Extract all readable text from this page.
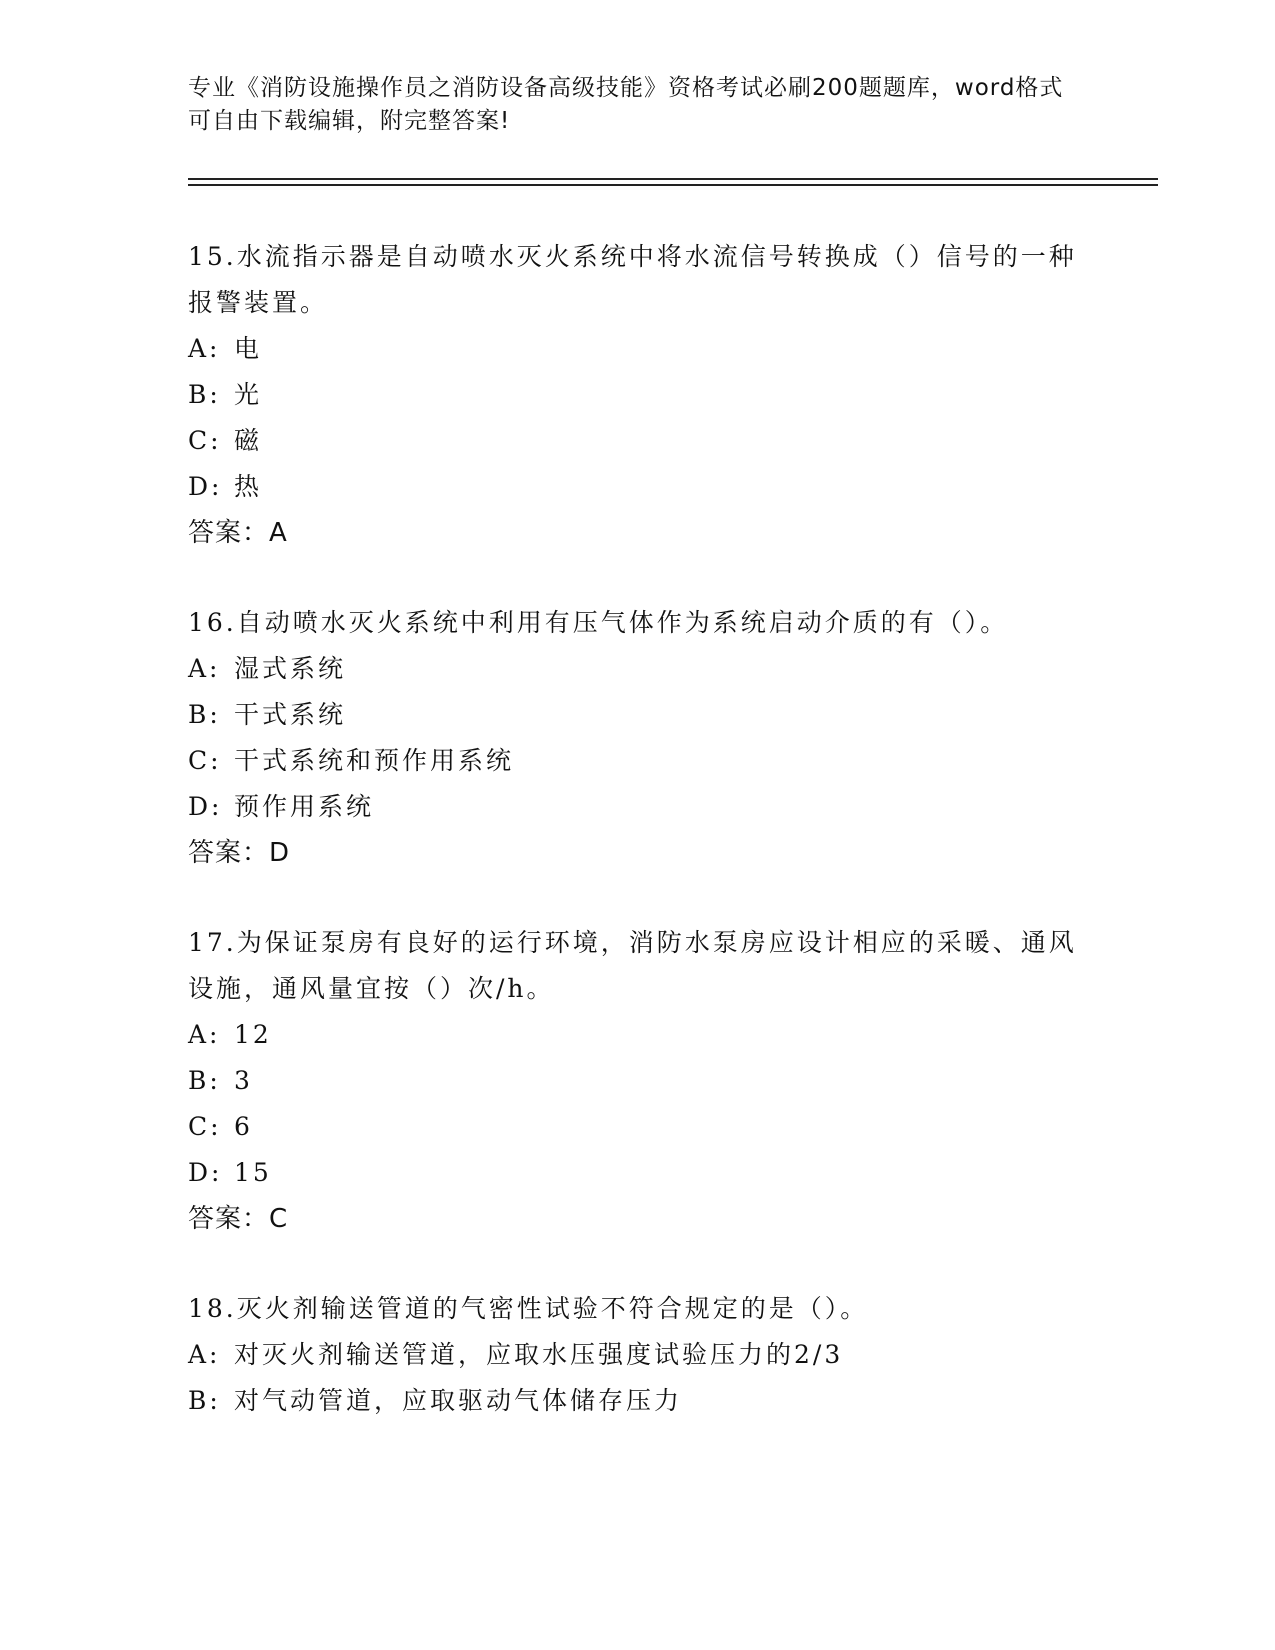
专业《消防设施操作员之消防设备高级技能》资格考试必刷200题题库，word格式可自由下载编辑，附完整答案!

15.水流指示器是自动喷水灭火系统中将水流信号转换成（）信号的一种报警装置。

A: 电

B: 光

C: 磁

D: 热

答案：A

16.自动喷水灭火系统中利用有压气体作为系统启动介质的有（）。

A: 湿式系统

B: 干式系统

C: 干式系统和预作用系统

D: 预作用系统

答案：D

17.为保证泵房有良好的运行环境，消防水泵房应设计相应的采暖、通风设施，通风量宜按（）次/h。

A: 12

B: 3

C: 6

D: 15

答案：C

18.灭火剂输送管道的气密性试验不符合规定的是（）。

A: 对灭火剂输送管道，应取水压强度试验压力的2/3

B: 对气动管道，应取驱动气体储存压力
